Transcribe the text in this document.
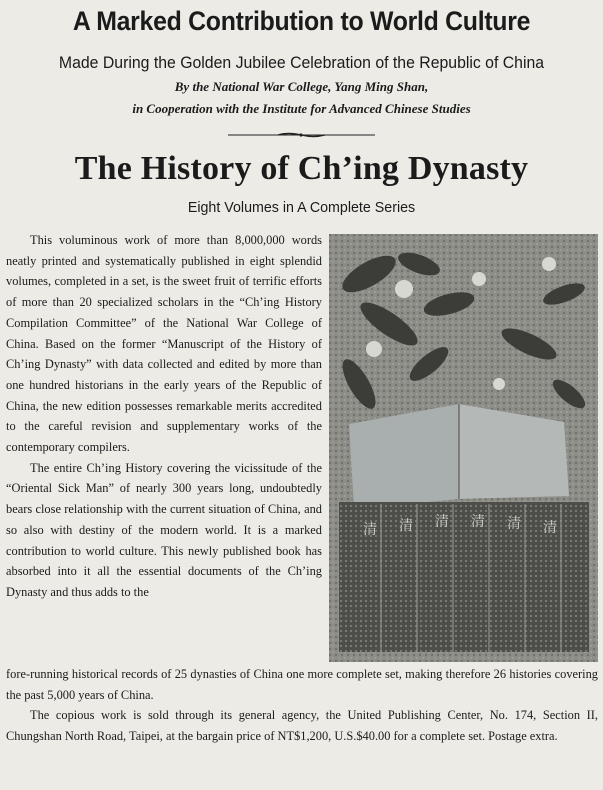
A Marked Contribution to World Culture
Made During the Golden Jubilee Celebration of the Republic of China
By the National War College, Yang Ming Shan,
in Cooperation with the Institute for Advanced Chinese Studies
The History of Ch’ing Dynasty
Eight Volumes in A Complete Series

This voluminous work of more than 8,000,000 words neatly printed and systematically published in eight splendid volumes, completed in a set, is the sweet fruit of terrific efforts of more than 20 specialized scholars in the “Ch’ing History Compilation Committee” of the National War College of China. Based on the former “Manuscript of the History of Ch’ing Dynasty” with data collected and edited by more than one hundred historians in the early years of the Republic of China, the new edition possesses remarkable merits accredited to the careful revision and supplementary works of the contemporary compilers.

The entire Ch’ing History covering the vicissitude of the “Oriental Sick Man” of nearly 300 years long, undoubtedly bears close relationship with the current situation of China, and so also with destiny of the modern world. It is a marked contribution to world culture. This newly published book has absorbed into it all the essential documents of the Ch’ing Dynasty and thus adds to the

清 清 清 清 清 清

fore-running historical records of 25 dynasties of China one more complete set, making therefore 26 histories covering the past 5,000 years of China.

The copious work is sold through its general agency, the United Publishing Center, No. 174, Section II, Chungshan North Road, Taipei, at the bargain price of NT$1,200, U.S.$40.00 for a complete set. Postage extra.
